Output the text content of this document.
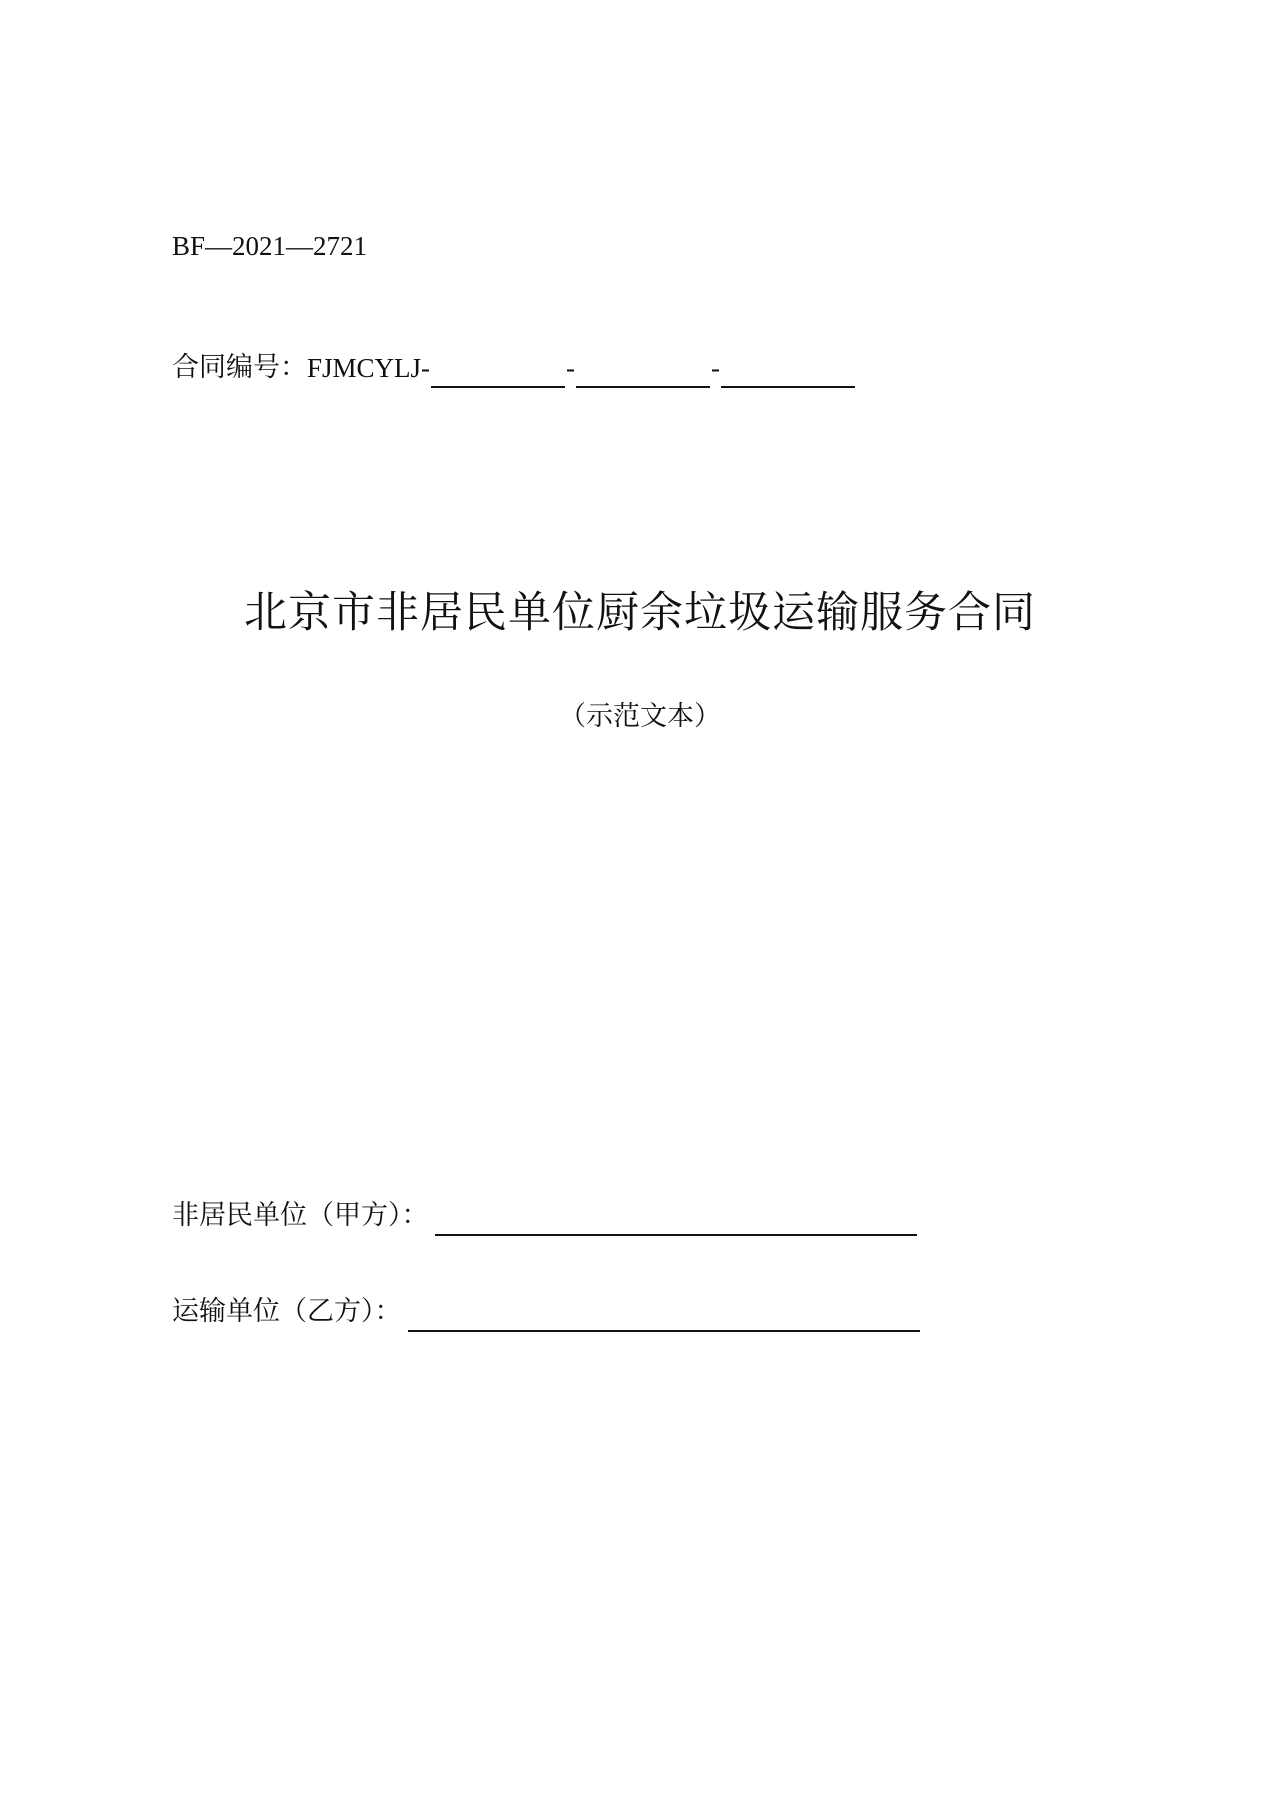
BF—2021—2721
合同编号： FJMCYLJ-	-	-
北京市非居民单位厨余垃圾运输服务合同
（示范文本）
非居民单位（甲方）：
运输单位（乙方）：
